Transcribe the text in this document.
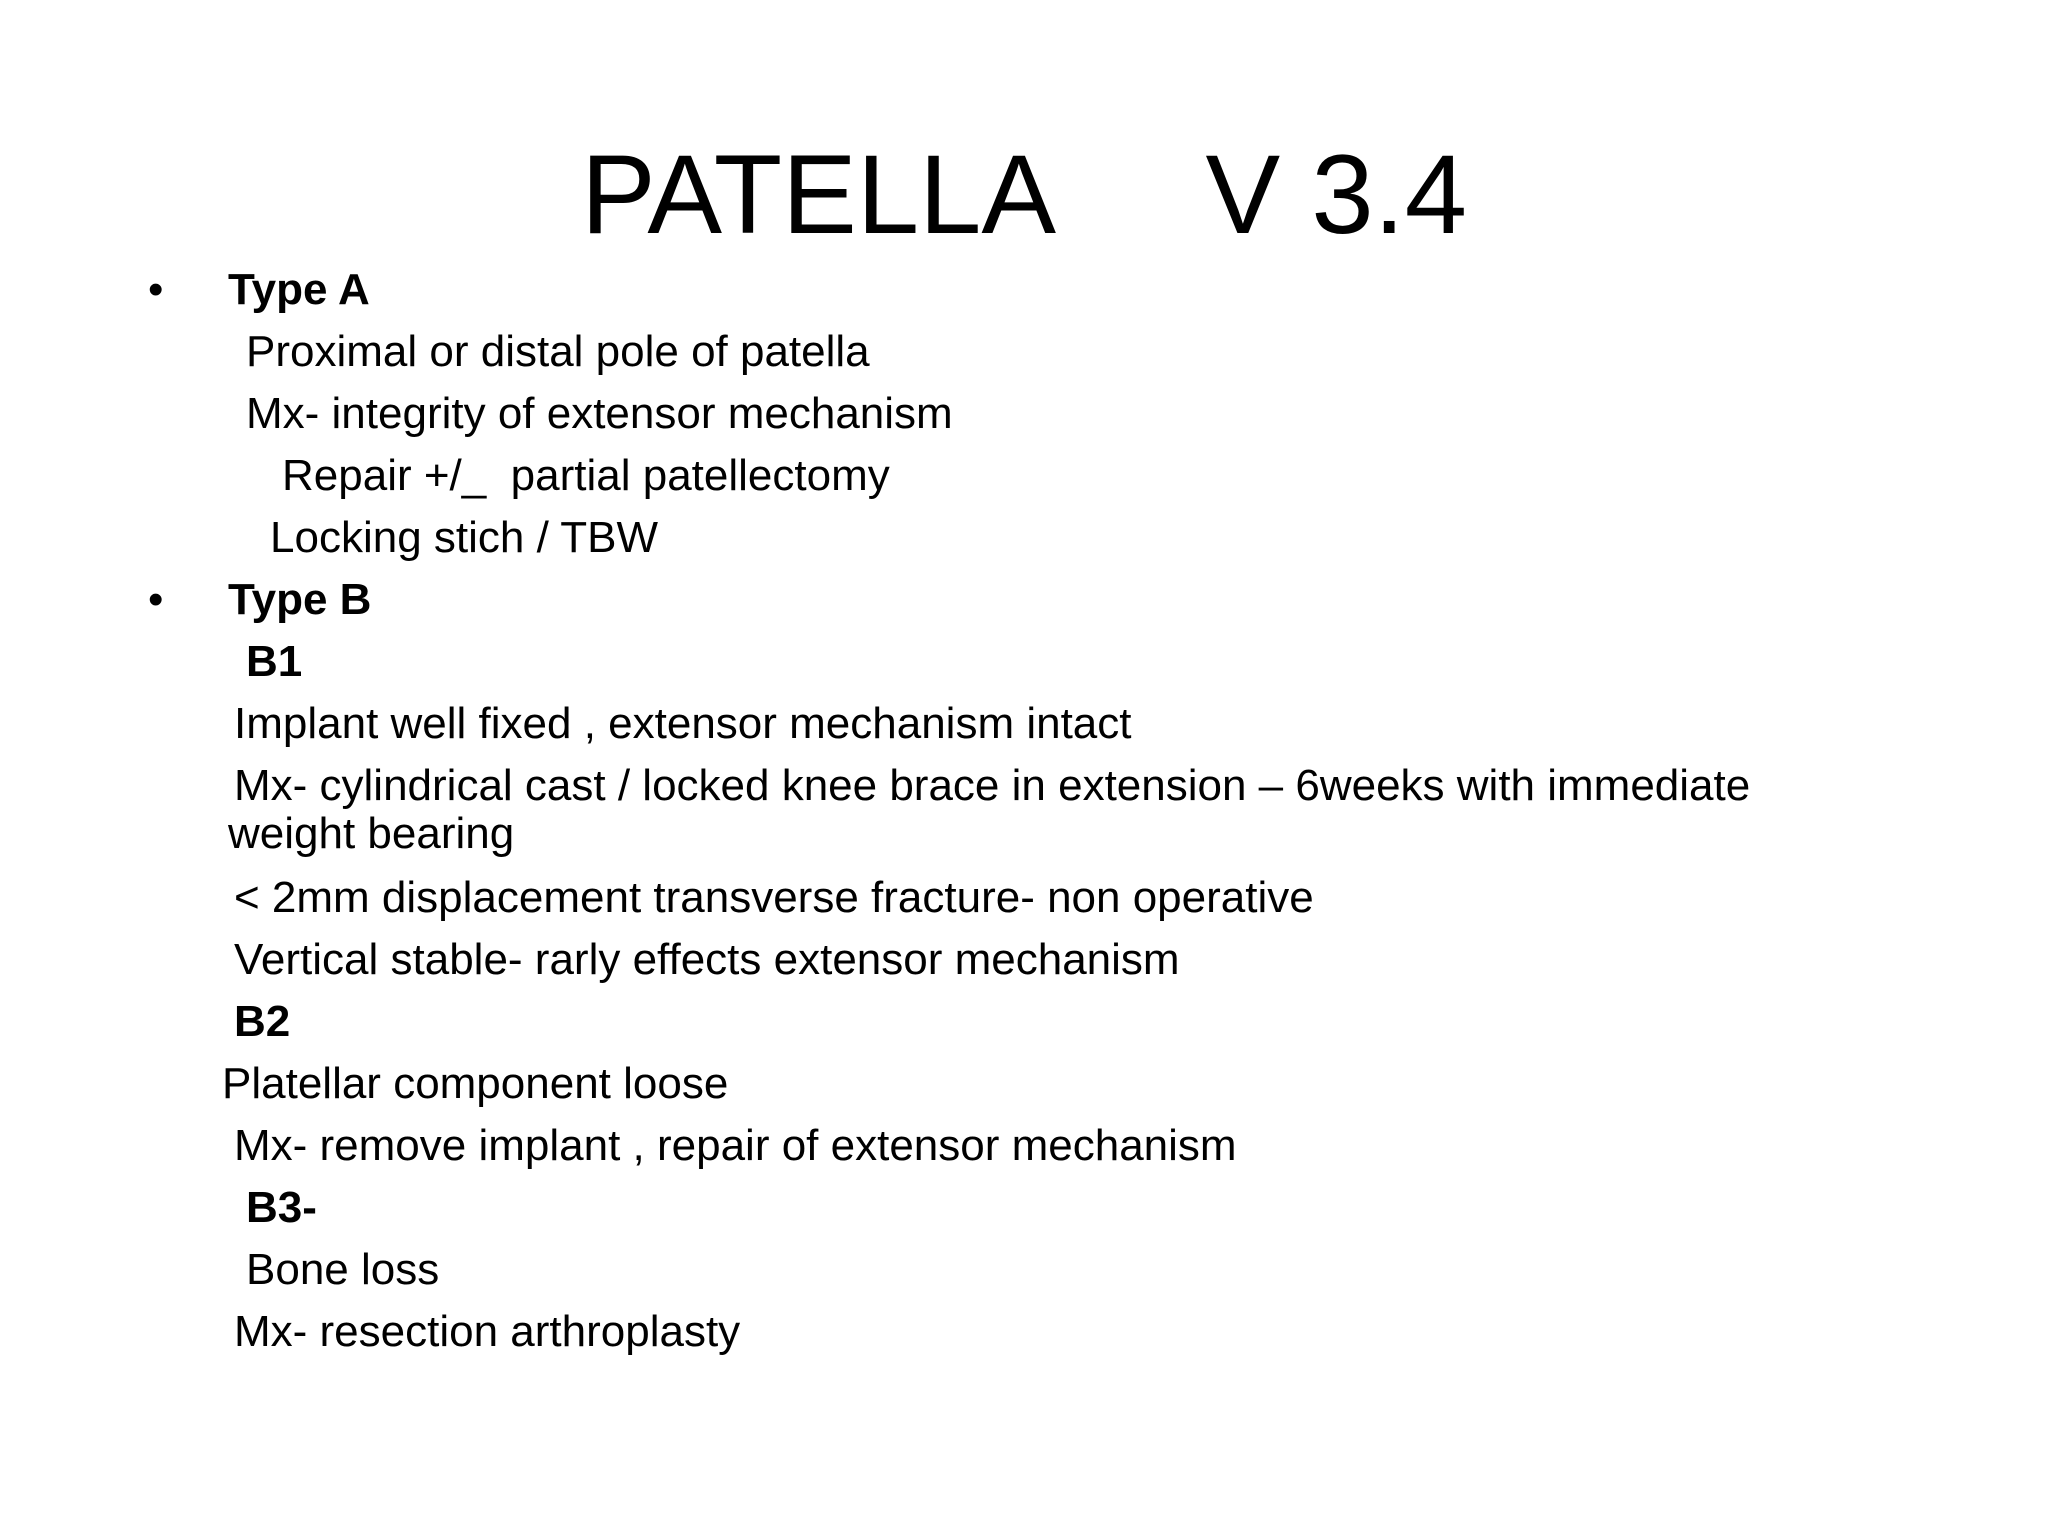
PATELLA     V 3.4
• Type A
Proximal or distal pole of patella
Mx- integrity of extensor mechanism
Repair +/_  partial patellectomy
Locking stich / TBW
• Type B
B1
Implant well fixed , extensor mechanism intact
Mx- cylindrical cast / locked knee brace in extension – 6weeks with immediate
weight bearing
< 2mm displacement transverse fracture- non operative
Vertical stable- rarly effects extensor mechanism
B2
Platellar component loose
Mx- remove implant , repair of extensor mechanism
B3-
Bone loss
Mx- resection arthroplasty
